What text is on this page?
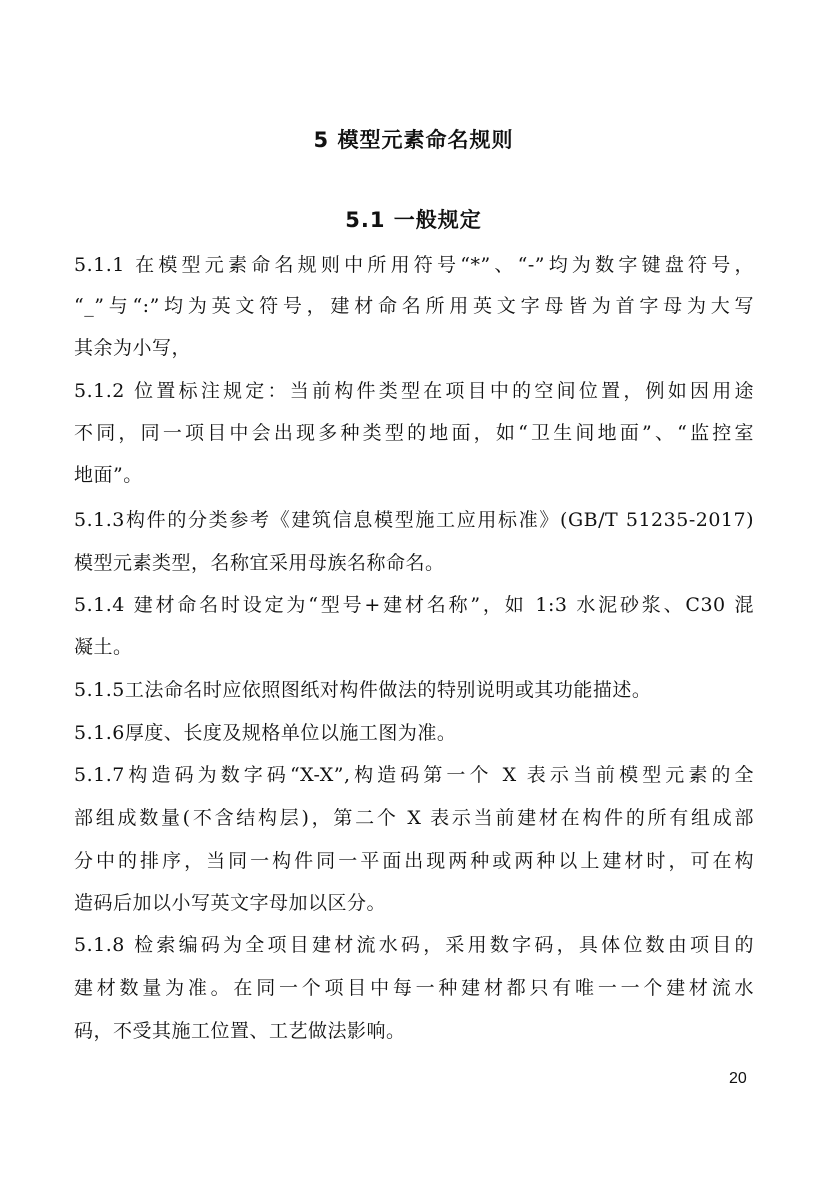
5 模型元素命名规则
5.1 一般规定
5.1.1 在模型元素命名规则中所用符号“*”、“-”均为数字键盘符号，
“_”与“:”均为英文符号，建材命名所用英文字母皆为首字母为大写
其余为小写，
5.1.2 位置标注规定：当前构件类型在项目中的空间位置，例如因用途
不同，同一项目中会出现多种类型的地面，如“卫生间地面”、“监控室
地面”。
5.1.3构件的分类参考《建筑信息模型施工应用标准》(GB/T 51235-2017)
模型元素类型，名称宜采用母族名称命名。
5.1.4 建材命名时设定为“型号+建材名称”，如 1:3 水泥砂浆、C30 混
凝土。
5.1.5工法命名时应依照图纸对构件做法的特别说明或其功能描述。
5.1.6厚度、长度及规格单位以施工图为准。
5.1.7构造码为数字码“X-X”,构造码第一个 X 表示当前模型元素的全
部组成数量(不含结构层)，第二个 X 表示当前建材在构件的所有组成部
分中的排序，当同一构件同一平面出现两种或两种以上建材时，可在构
造码后加以小写英文字母加以区分。
5.1.8 检索编码为全项目建材流水码，采用数字码，具体位数由项目的
建材数量为准。在同一个项目中每一种建材都只有唯一一个建材流水
码，不受其施工位置、工艺做法影响。
20
